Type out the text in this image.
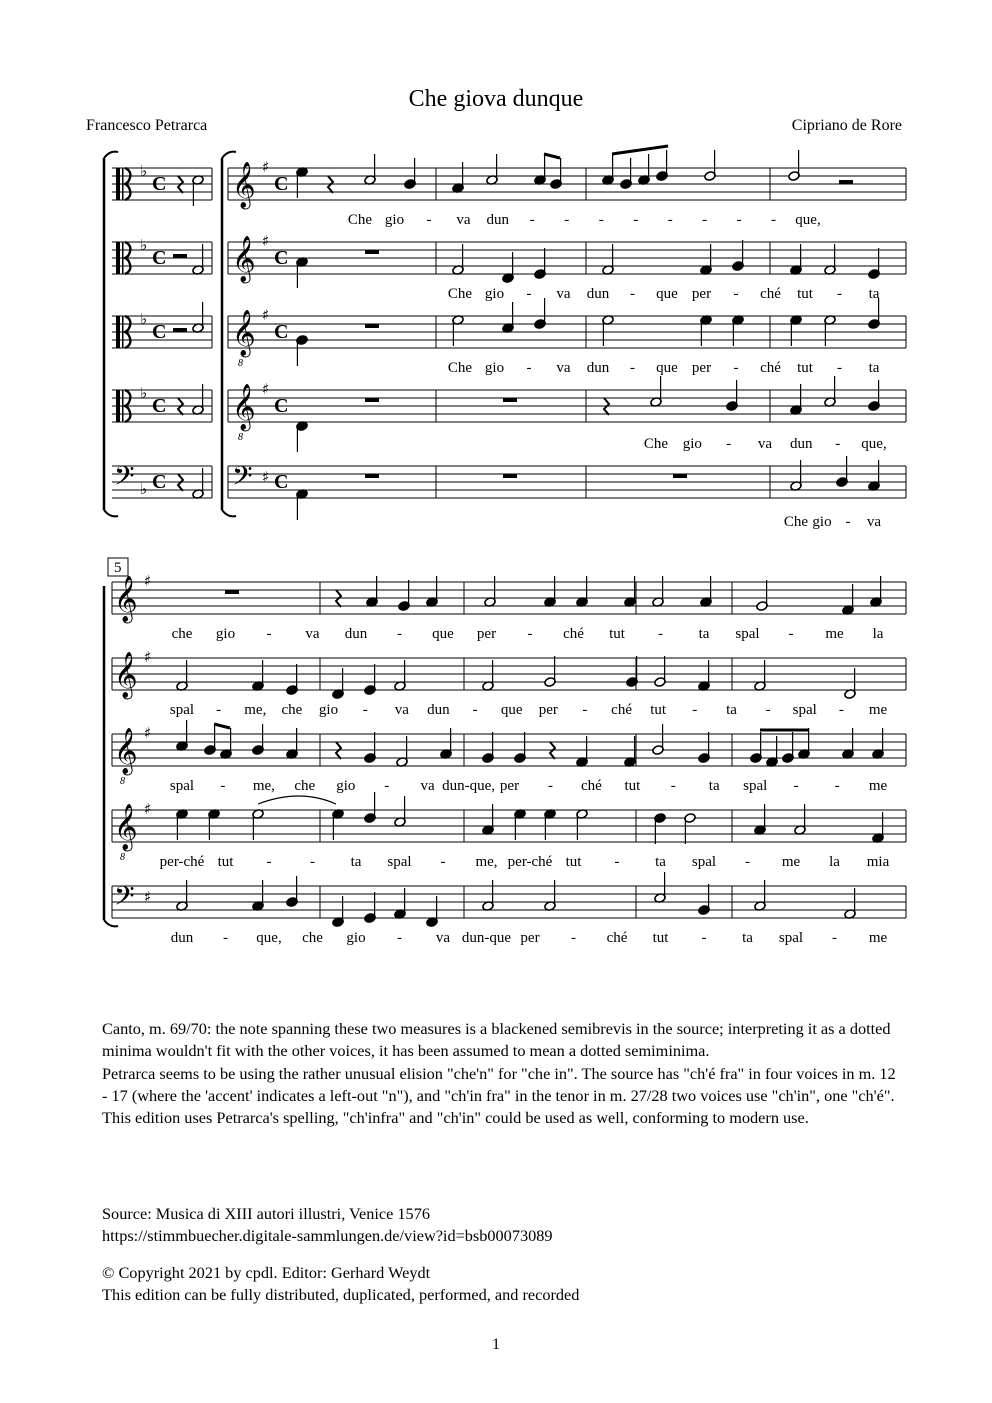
Che giova dunque
Francesco Petrarca	Cipriano de Rore
♭
C 𝄞 ♯
C
♭
C 𝄞 ♯
C
♭
C 𝄞
8
♯
C
♭
C 𝄞
8
♯
C
𝄢 ♭ C 𝄢 ♯ C
Che gio - va dun - - - - - - - - que,
Che gio - va dun - que per - ché tut - ta
Che gio - va dun - que per - ché tut - ta
Che gio - va dun - que,
Che gio - va
5
𝄞 ♯
𝄞 ♯
𝄞
8
♯
𝄞
8
♯
𝄢 ♯
che gio - va dun - que per - ché tut - ta spal - me la
spal - me, che gio - va dun - que per - ché tut - ta - spal - me
spal - me, che gio - va dun-que, per - ché tut - ta spal - - me
per-ché tut -	- ta spal - me, per-ché tut - ta spal - me la mia
dun - que, che gio - va dun-que per - ché tut - ta spal - me

Canto, m. 69/70: the note spanning these two measures is a blackened semibrevis in the source; interpreting it as a dotted minima wouldn't fit with the other voices, it has been assumed to mean a dotted semiminima.

Petrarca seems to be using the rather unusual elision "che'n" for "che in". The source has "ch'é fra" in four voices in m. 12 - 17 (where the 'accent' indicates a left-out "n"), and "ch'in fra" in the tenor in m. 27/28 two voices use "ch'in", one "ch'é". This edition uses Petrarca's spelling, "ch'infra" and "ch'in" could be used as well, conforming to modern use.

Source: Musica di XIII autori illustri, Venice 1576
https://stimmbuecher.digitale-sammlungen.de/view?id=bsb00073089
© Copyright 2021 by cpdl. Editor: Gerhard Weydt
This edition can be fully distributed, duplicated, performed, and recorded
1
